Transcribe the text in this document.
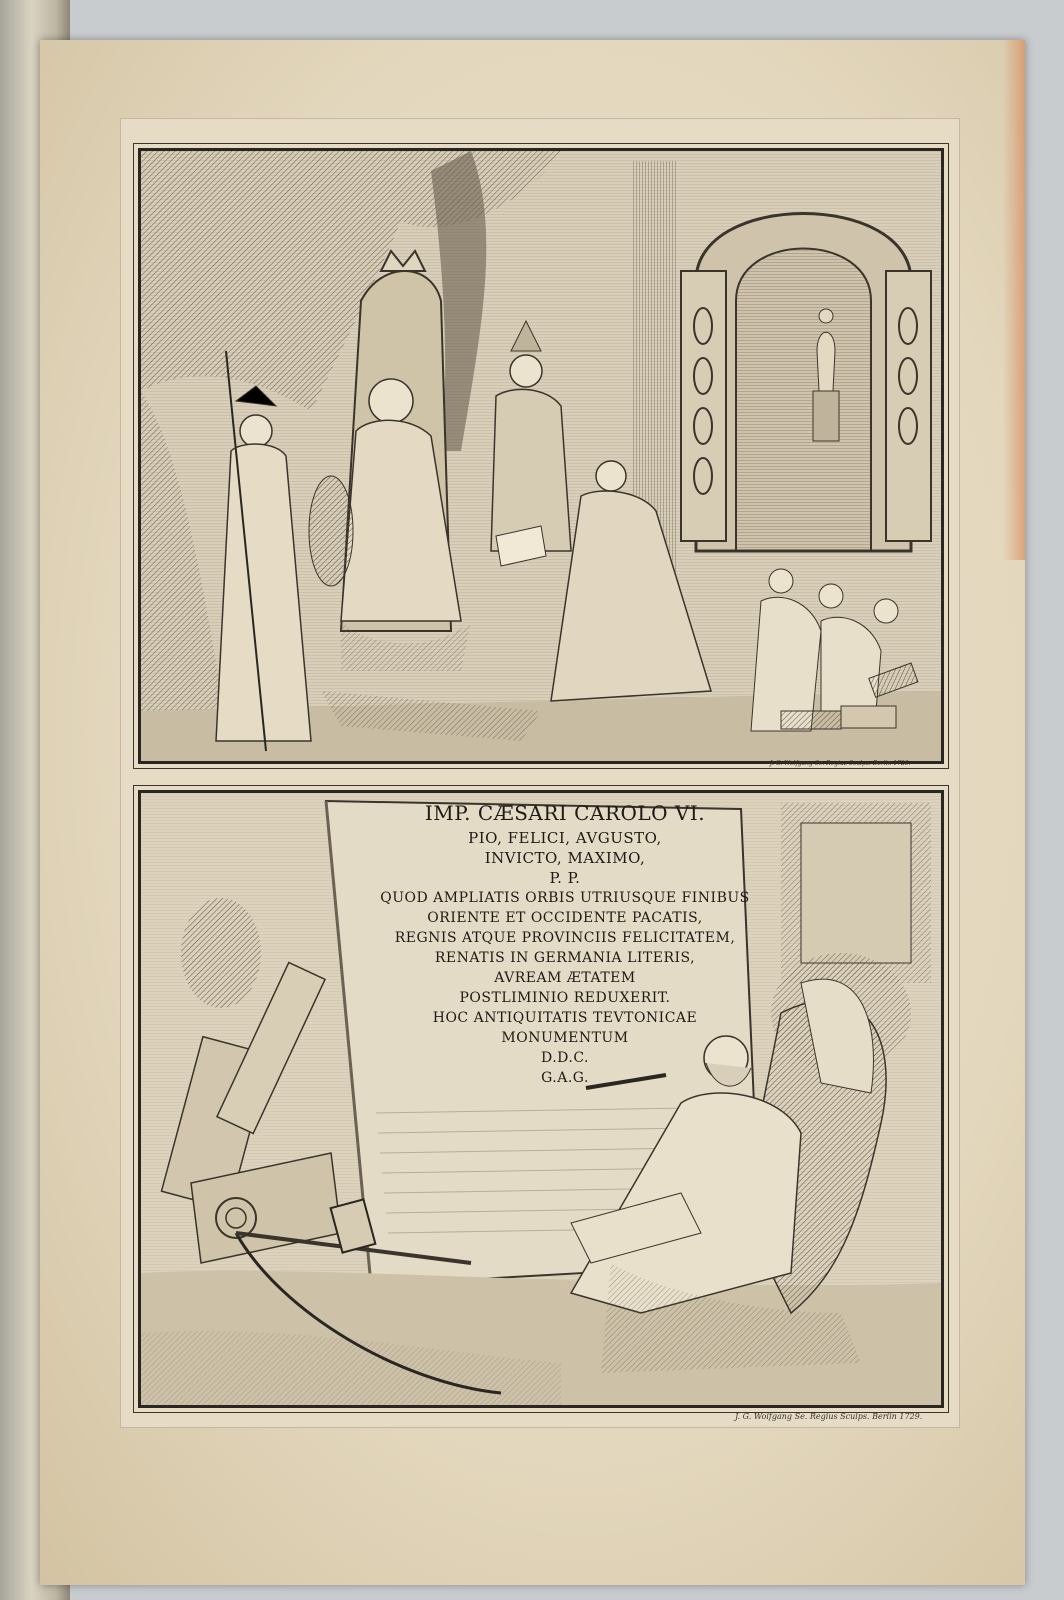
J. G. Wolfgang Se. Regius Sculps. Berlin 1729.
IMP. CÆSARI CAROLO VI.
PIO, FELICI, AVGUSTO,
INVICTO, MAXIMO,
P. P.
QUOD AMPLIATIS ORBIS UTRIUSQUE FINIBUS
ORIENTE ET OCCIDENTE PACATIS,
REGNIS ATQUE PROVINCIIS FELICITATEM,
RENATIS IN GERMANIA LITERIS,
AVREAM ÆTATEM
POSTLIMINIO REDUXERIT.
HOC ANTIQUITATIS TEVTONICAE
MONUMENTUM
D.D.C.
G.A.G.
J. G. Wolfgang Se. Regius Sculps. Berlin 1729.
